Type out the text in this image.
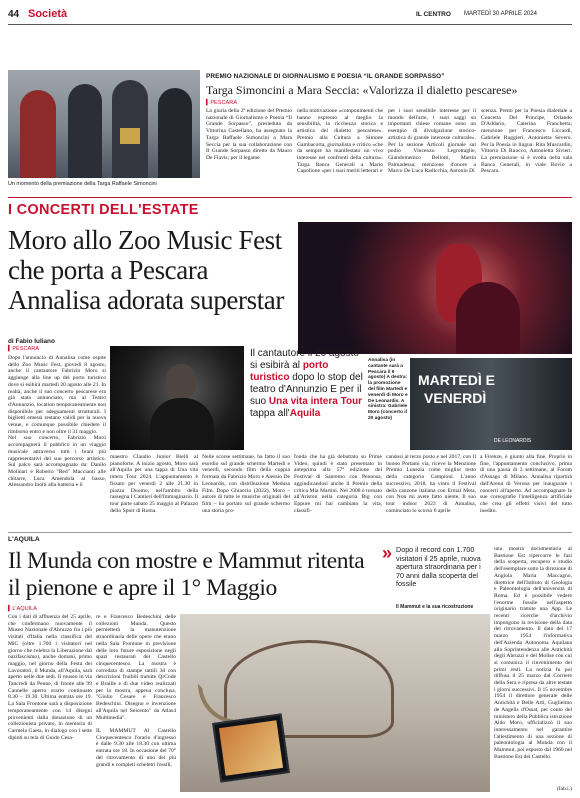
44 Società	IL CENTRO MARTEDÌ 30 APRILE 2024
Un momento della premiazione della Targa Raffaele Simoncini
PREMIO NAZIONALE DI GIORNALISMO E POESIA “IL GRANDE SORPASSO”
Targa Simoncini a Mara Seccia: «Valorizza il dialetto pescarese»
▍PESCARA
La giuria della 2ª edizione del Premio nazionale di Giornalismo e Poesia “Il Grande Sorpasso”, presieduta da Vittorina Castellano, ha assegnato la Targa Raffaele Simoncini a Mara Seccia per la sua collaborazione con Il Grande Sorpasso diretto da Mauro De Flavis; per il legame
nella motivazione «componimenti che hanno espresso al meglio la sensibilità, la ricchezza storica e artistica del dialetto pescarese». Premio alla Cultura a Simone Gambacorta, giornalista e critico «che da sempre ha manifestato un vivo interesse nei confronti della cultura». Targa Banca Generali a Mario Capolione «per i suoi meriti letterari e
per i suoi sensibile interesse per il mondo dell'arte, i suoi saggi su importanti chiese romane sono un esempio di divulgazione storico-artistica di grande interesse culturale». Per la sezione Articoli giornale sul podio Vincenzo Legrottaglie, Giandomenico Bellotti, Martin Palmadessa; menzione d'onore a Marco De Luca Radicchia, Antonio Di
scenza. Premi per la Poesia dialettale a Concetta Del Principe, Orlando D'Addario, Caterina Franchetta; menzione per Francesco Liccardi, Gabriele Ruggieri, Antonietta Severo. Per la Poesia in lingua: Rita Muscardin, Vittorio Di Ruocco, Antonietta Sivieri. La premiazione si è svolta nella sala Banca Generali, in viale Bovio a Pescara.
I CONCERTI DELL'ESTATE
Moro allo Zoo Music Fest che porta a Pescara Annalisa adorata superstar
di Fabio Iuliano
▍PESCARA
Dopo l'annuncio di Annalisa come ospite dello Zoo Music Fest, giovedì 8 agosto, anche il cantautore Fabrizio Moro si aggiunge alla line up del porto turistico dove si esibirà martedì 20 agosto alle 21. In realtà, anche il suo concerto pescarese era già stato annunciato, ma al Teatro d'Annunzio, location temporaneamente non disponibile per adeguamenti strutturali. I biglietti emessi restano validi per la nuova venue, e comunque possibile chiedere il rimborso entro e non oltre il 31 maggio.
Nel suo concerto, Fabrizio Moro accompagnerà il pubblico in un viaggio musicale attraverso tutti i brani più rappresentativi del suo percorso artistico. Sul palco sarà accompagnato da: Danilo Molinari e Roberto "Red" Maccianti alle chitarre, Luca Amendola al basso, Alessandro Inolti alla batteria e il
Il cantautore il 20 agosto si esibirà al porto turistico dopo lo stop del teatro d'Annunzio E per il suo Una vita intera Tour tappa all'Aquila
Annalisa (in cantante sarà a Pescara il 9 agosto) A destra: la promozione del film Martedì e venerdì di Moro e De Leonardis. A sinistra: Gabriele Moro (concerto il 20 agosto)
MARTEDÌ E
VENERDÌ
DE LEONARDIS
maestro Claudio Junior Bielli al pianoforte. A inizio agosto, Moro sarà all'Aquila per una tappa di Una vita intera Tour 2024. L'appuntamento è fissato per venerdì 2 alle 21.30 in piazza Duomo, nell'ambito della rassegna I Cantieri dell'Immaginario. Il tour parte sabato 25 maggio al Palazzo dello Sport di Roma.
Nelle scorse settimane, ha fatto il suo esordio sul grande schermo Martedì e venerdì, secondo film della coppia formata da Fabrizio Moro e Alessio De Leonardis, con distribuzione Medusa Film. Dopo Ghiaccio (2022), Moro – autore di tutte le musiche originali del film – ha portato sul grande schermo una storia pro-
fonda che ha già debuttato su Prime Video, quindi è stato presentato in anteprima alla 57ª edizione del Festival di Sanremo con Pennosa, aggiudicandosi anche il Premio della critica Mia Martini. Nel 2008 è tornato all'Ariston nella categoria Big con Eppure mi hai cambiato la vita, classifi-
candosi al terzo posto e nel 2017, con Il buono Portami via, riceve la Menzione Premio Lunezia come miglior testo della categoria Campioni. L'anno successivo, 2018, ha vinto il Festival della canzone italiana con Ermal Meta, con Non mi avete fatto niente. Il suo tour indoor 2023 di Annalisa, cominciato lo scorso 6 aprile
a Firenze, è giunto alla fine. Proprio in fine, l'appuntamento conclusivo, prima di una pausa di 3 settimane, al Forum d'Assago di Milano. Annalisa ripartirà dall'Arena di Verona per inaugurare i concerti all'aperto. Ad accompagnare le sue coreografie l'intelligenza artificiale che crea gli effetti visivi del tutto inedito.
L'AQUILA
Il Munda con mostre e Mammut ritenta il pienone e apre il 1° Maggio
» Dopo il record con 1.700 visitatori il 25 aprile, nuova apertura straordinaria per i 70 anni dalla scoperta del fossile
Il Mammut e la sua ricostruzione
▍L'AQUILA
Con i dati di affluenza del 25 aprile, che confermano nuovamente il Museo Nazionale d'Abruzzo fra i più visitati d'Italia nella classifica del MiC (oltre 1.700 i visitatori nel giorno che celebra la Liberazione dal nazifascismo), anche domani, primo maggio, nel giorno della Festa dei Lavoratori, il Munda, all'Aquila, sarà aperto nelle due sedi. Il museo in via Tancredi da Penne, di fronte alle 99 Cannelle aperto orario continuato 8.30 – 19.30. Ultima entrata ore 19. La Sala Frontone sarà a disposizione temporaneamente con 14 disegni provenienti dalla donazione di un collezionista privato, in memoria di Carmela Gaeta, in dialogo con i sette dipinti su tela di Guido Cesa-
re e Francesco Bedeschini delle collezioni Munda. Questo permetterà la manutenzione straordinaria delle opere che erano nella Sala Frontone in previsione delle loro future esposizione negli spazi restaurati del Castello cinquecentesco. La mostra è corredata di stampe tattili 3d con descrizioni fruibili tramite QrCode e Braille e di due video realizzati per la mostra, appena conclusa, "Giulio Cesare e Francesco Bedeschini. Disegno e invenzione all'Aquila nel Seicento" da Atlas4 Multimedia".
IL MAMMUT Al Castello Cinquecentesco l'orario d'ingresso è dalle 9.30 alle 18.30 con ultima entrata ore 18. In occasione del 70° del ritrovamento di uno dei più grandi e completi scheletri fossili,
una mostra documentaria al Bastione Est ripercorre le fasi della scoperta, recupero e studio dell'esemplare sotto la direzione di Angiola Maria Maccagno, direttrice dell'Istituto di Geologia e Paleontologia dell'università di Roma. Ed è possibile vedere l'enorme fossile nell'aspetto originario tramite una App. Le recenti ricerche d'archivio impongono la revisione della data del ritrovamento. Il dato del 17 marzo 1954 l'informativa dell'Azienda Autonoma Aquilana alla Soprintendenza alle Antichità degli Abruzzi e del Molise con cui si comunica il rinvenimento dei primi resti. La notizia fu poi diffusa il 25 marzo dal Corriere della Sera e ripresa da altre testate i giorni successivi. Il 15 novembre 1954 il direttore generale delle Antichità e Belle Arti, Guglielmo de Angelis d'Ossat, per conto del ministero della Pubblica istruzione Aldo Moro, ufficializzò il suo interessamento nel garantire l'allestimento di una sezione di paleontologia al Munda con il Mammut, poi esposto dal 1960 nel Bastione Est del Castello.
(fab.i.)
